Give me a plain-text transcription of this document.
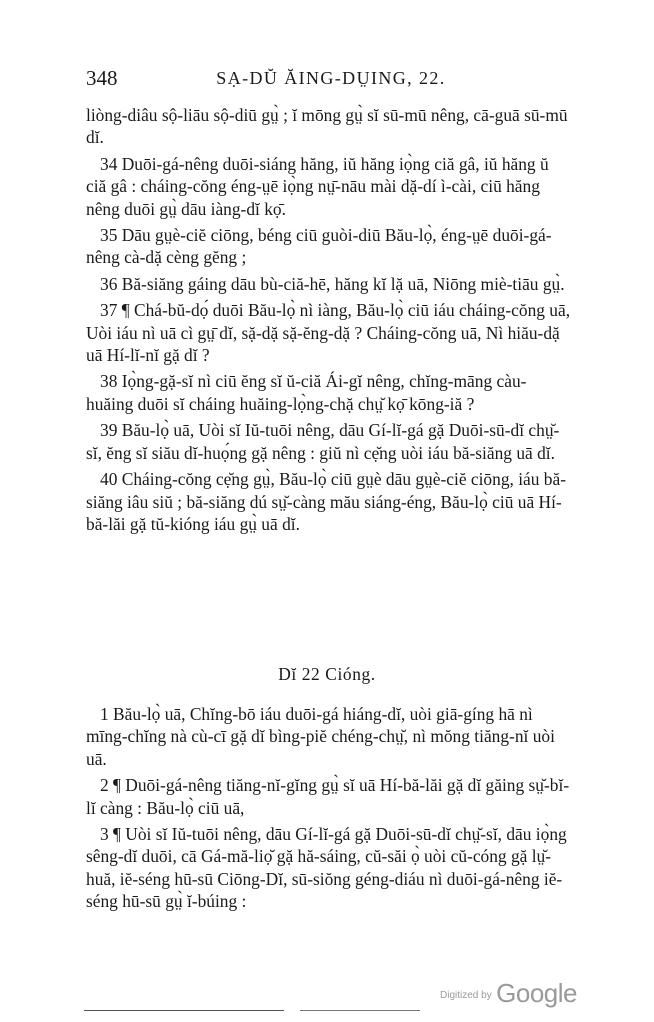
348	SẠ-DŬ ĂING-DṲING, 22.

liòng-diâu sộ-liāu sộ-diū gṳ̀ ; ĭ mōng gṳ̀ sĭ sū-mū nêng, cā-guā sū-mū dĭ.

34 Duōi-gá-nêng duōi-siáng hăng, iŭ hăng iọ̀ng ciă gâ, iŭ hăng ŭ ciă gâ : cháing-cŏng éng-ṳē iọ̀ng nṳ̄-nāu mài dặ-dí ì-cài, ciū hăng nêng duōi gṳ̀ dāu iàng-dĭ kọ̄.

35 Dāu gṳè-ciĕ ciōng, béng ciū guòi-diū Bău-lọ̀, éng-ṳē duōi-gá-nêng cà-dặ cèng gĕng ;

36 Bă-siăng gáing dāu bù-ciă-hē, hăng kĭ lặ uā, Niōng miè-tiāu gṳ̀.

37 ¶ Chá-bŭ-dọ́ duōi Bău-lọ̀ nì iàng, Bău-lọ̀ ciū iáu cháing-cŏng uā, Uòi iáu nì uā cì gṳ̄ dĭ, sặ-dặ sặ-ĕng-dặ ? Cháing-cŏng uā, Nì hiău-dặ uā Hí-lĭ-nĭ gặ dĭ ?

38 Iọ̀ng-gặ-sĭ nì ciū ĕng sĭ ŭ-ciă Ái-gĭ nêng, chĭng-māng càu-huăing duōi sĭ cháing huăing-lọ̀ng-chặ chṳ̆ kọ̄ kōng-iă ?

39 Bău-lọ̀ uā, Uòi sĭ Iŭ-tuōi nêng, dāu Gí-lĭ-gá gặ Duōi-sū-dĭ chṳ̆-sĭ, ĕng sĭ siău dĭ-huọ́ng gặ nêng : giŭ nì cẹ̆ng uòi iáu bă-siăng uā dĭ.

40 Cháing-cŏng cẹ̆ng gṳ̀, Bău-lọ̀ ciū gṳè dāu gṳè-ciĕ ciōng, iáu bă-siăng iâu siŭ ; bă-siăng dú sṳ̆-càng mău siáng-éng, Bău-lọ̀ ciū uā Hí-bă-lăi gặ tŭ-kióng iáu gṳ̀ uā dĭ.

Dĭ 22 Cióng.

1 Bău-lọ̀ uā, Chĭng-bō iáu duōi-gá hiáng-dĭ, uòi giā-gíng hā nì mīng-chĭng nà cù-cī gặ dĭ bìng-piĕ chéng-chṳ̆, nì mŏng tiăng-nĭ uòi uā.

2 ¶ Duōi-gá-nêng tiăng-nĭ-gĭng gṳ̀ sĭ uā Hí-bă-lăi gặ dĭ găing sṳ̆-bĭ-lĭ càng : Bău-lọ̀ ciū uā,

3 ¶ Uòi sĭ Iŭ-tuōi nêng, dāu Gí-lĭ-gá gặ Duōi-sū-dĭ chṳ̆-sĭ, dāu iọ̀ng sêng-dĭ duōi, cā Gá-mă-liọ̆ gặ hă-sáing, cŭ-săi ọ̀ uòi cŭ-cóng gặ lṳ̆-huă, iĕ-séng hū-sū Ciōng-Dĭ, sū-siŏng géng-diáu nì duōi-gá-nêng iĕ-séng hū-sū gṳ̀ ĭ-búing :

$^{Digitized by}$ Google
